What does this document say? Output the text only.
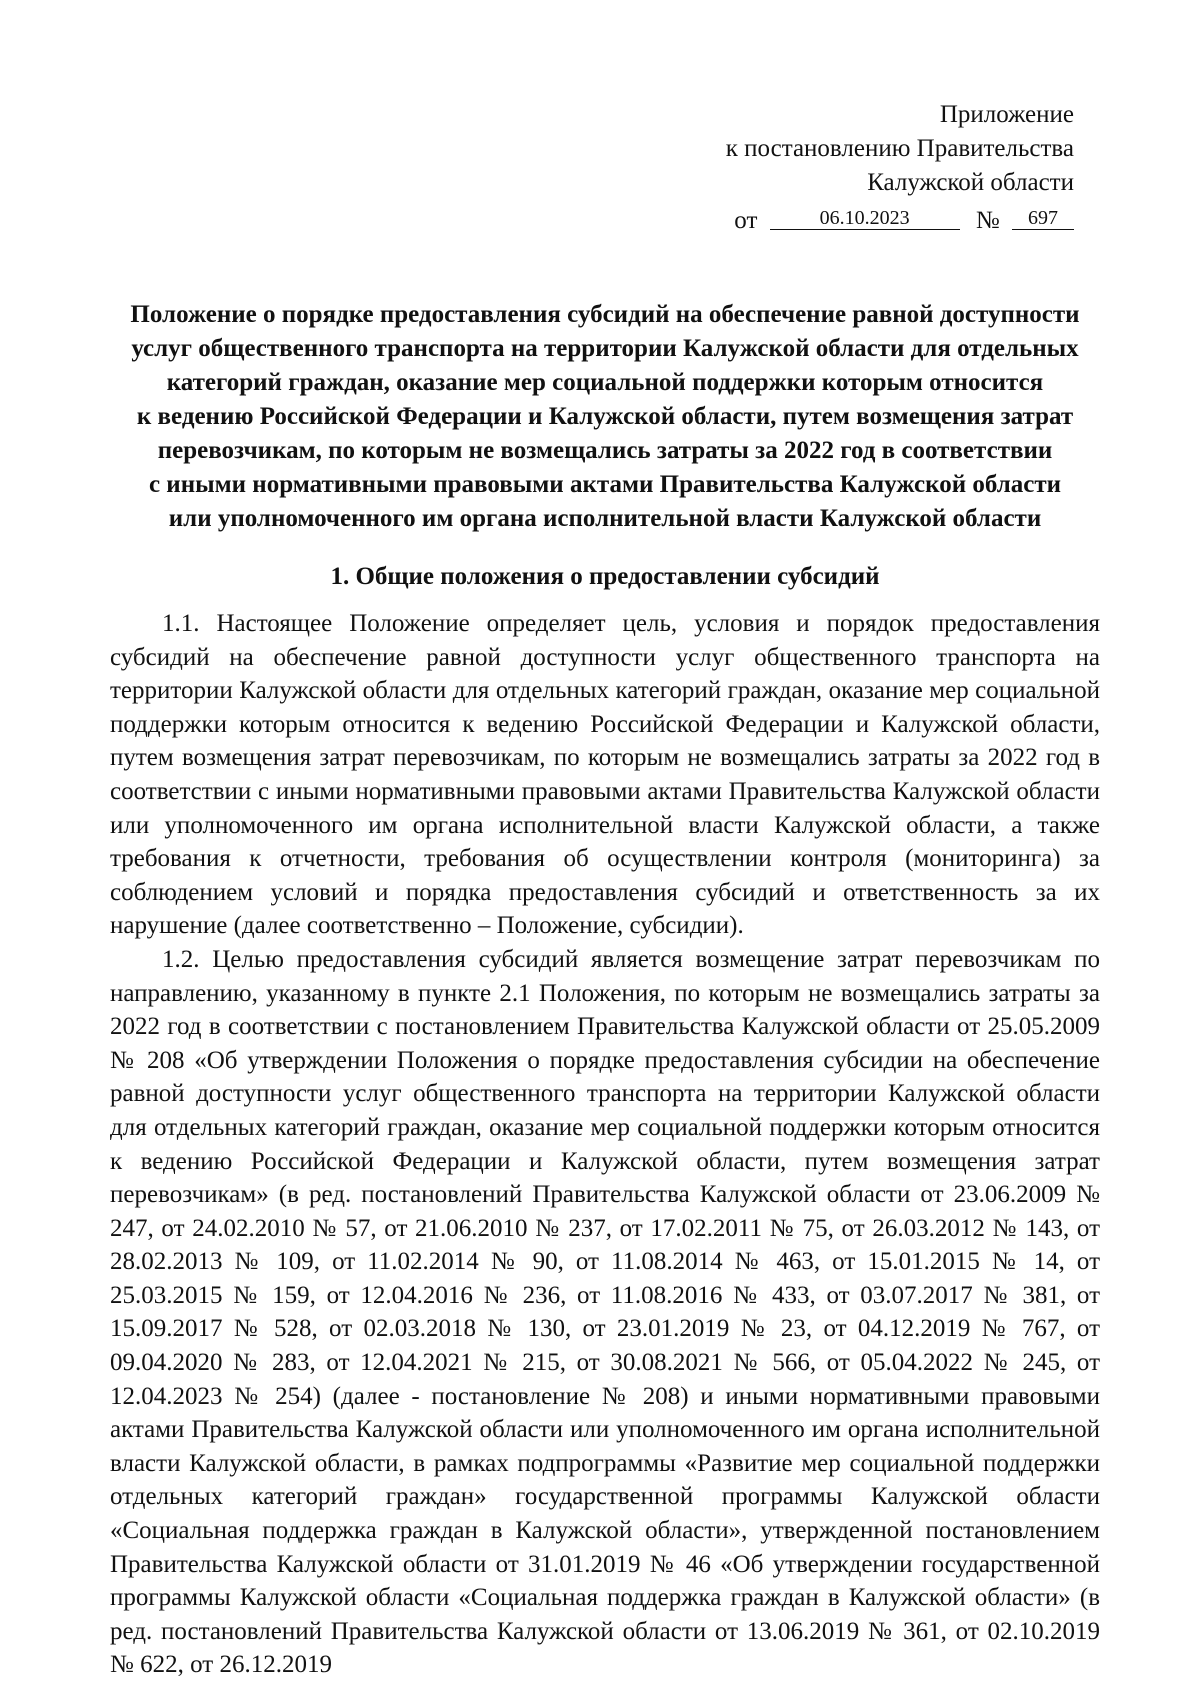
Приложение
к постановлению Правительства
Калужской области
от	06.10.2023	№ 697
Положение о порядке предоставления субсидий на обеспечение равной доступности
услуг общественного транспорта на территории Калужской области для отдельных
категорий граждан, оказание мер социальной поддержки которым относится
к ведению Российской Федерации и Калужской области, путем возмещения затрат
перевозчикам, по которым не возмещались затраты за 2022 год в соответствии
с иными нормативными правовыми актами Правительства Калужской области
или уполномоченного им органа исполнительной власти Калужской области
1. Общие положения о предоставлении субсидий

1.1. Настоящее Положение определяет цель, условия и порядок предоставления субсидий на обеспечение равной доступности услуг общественного транспорта на территории Калужской области для отдельных категорий граждан, оказание мер социальной поддержки которым относится к ведению Российской Федерации и Калужской области, путем возмещения затрат перевозчикам, по которым не возмещались затраты за 2022 год в соответствии с иными нормативными правовыми актами Правительства Калужской области или уполномоченного им органа исполнительной власти Калужской области, а также требования к отчетности, требования об осуществлении контроля (мониторинга) за соблюдением условий и порядка предоставления субсидий и ответственность за их нарушение (далее соответственно – Положение, субсидии).

1.2. Целью предоставления субсидий является возмещение затрат перевозчикам по направлению, указанному в пункте 2.1 Положения, по которым не возмещались затраты за 2022 год в соответствии с постановлением Правительства Калужской области от 25.05.2009 № 208 «Об утверждении Положения о порядке предоставления субсидии на обеспечение равной доступности услуг общественного транспорта на территории Калужской области для отдельных категорий граждан, оказание мер социальной поддержки которым относится к ведению Российской Федерации и Калужской области, путем возмещения затрат перевозчикам» (в ред. постановлений Правительства Калужской области от 23.06.2009 № 247, от 24.02.2010 № 57, от 21.06.2010 № 237, от 17.02.2011 № 75, от 26.03.2012 № 143, от 28.02.2013 № 109, от 11.02.2014 № 90, от 11.08.2014 № 463, от 15.01.2015 № 14, от 25.03.2015 № 159, от 12.04.2016 № 236, от 11.08.2016 № 433, от 03.07.2017 № 381, от 15.09.2017 № 528, от 02.03.2018 № 130, от 23.01.2019 № 23, от 04.12.2019 № 767, от 09.04.2020 № 283, от 12.04.2021 № 215, от 30.08.2021 № 566, от 05.04.2022 № 245, от 12.04.2023 № 254) (далее - постановление № 208) и иными нормативными правовыми актами Правительства Калужской области или уполномоченного им органа исполнительной власти Калужской области, в рамках подпрограммы «Развитие мер социальной поддержки отдельных категорий граждан» государственной программы Калужской области «Социальная поддержка граждан в Калужской области», утвержденной постановлением Правительства Калужской области от 31.01.2019 № 46 «Об утверждении государственной программы Калужской области «Социальная поддержка граждан в Калужской области» (в ред. постановлений Правительства Калужской области от 13.06.2019 № 361, от 02.10.2019 № 622, от 26.12.2019
